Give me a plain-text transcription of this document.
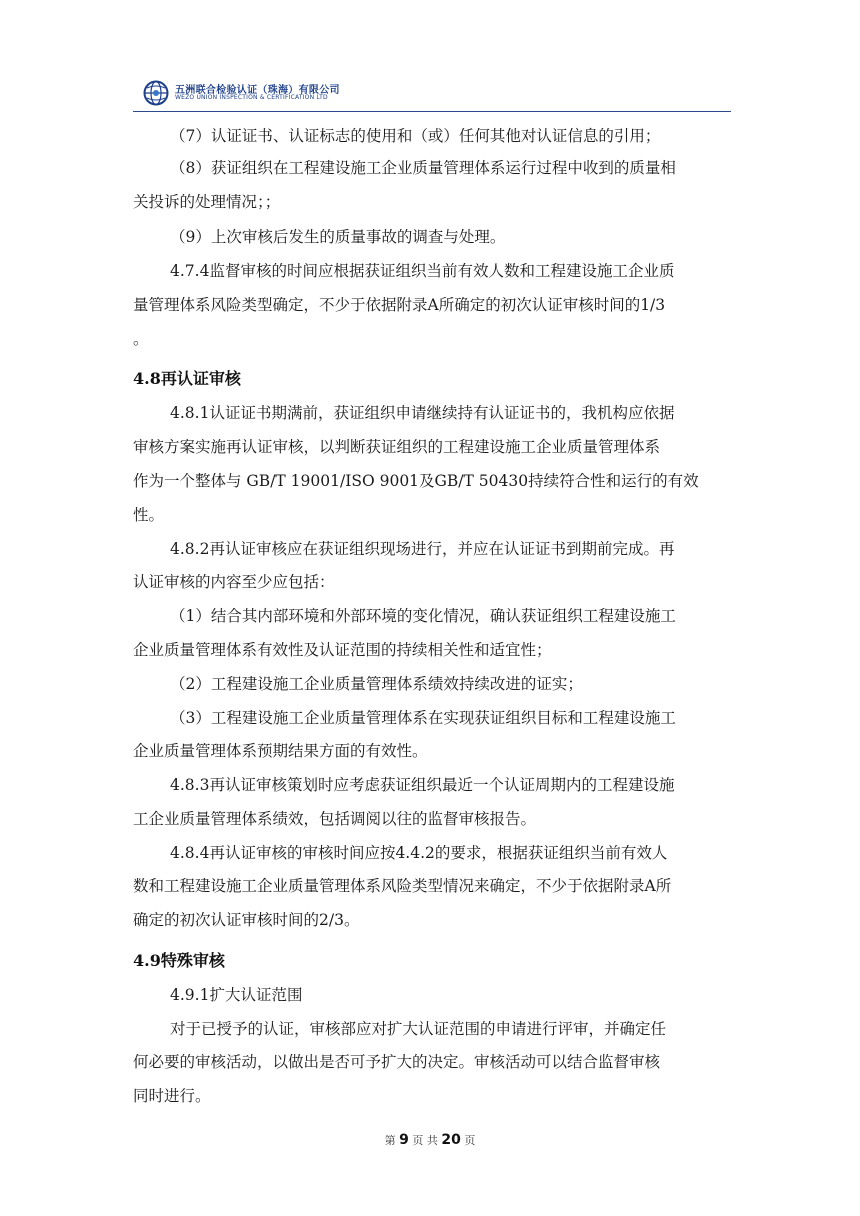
五洲联合检验认证（珠海）有限公司
WEZO UNION INSPECTION & CERTIFICATION LTD
（7）认证证书、认证标志的使用和（或）任何其他对认证信息的引用；
（8）获证组织在工程建设施工企业质量管理体系运行过程中收到的质量相
关投诉的处理情况；；
（9）上次审核后发生的质量事故的调查与处理。
4.7.4监督审核的时间应根据获证组织当前有效人数和工程建设施工企业质
量管理体系风险类型确定，不少于依据附录A所确定的初次认证审核时间的1/3
。
4.8再认证审核
4.8.1认证证书期满前，获证组织申请继续持有认证证书的，我机构应依据
审核方案实施再认证审核，以判断获证组织的工程建设施工企业质量管理体系
作为一个整体与 GB/T 19001/ISO 9001及GB/T 50430持续符合性和运行的有效
性。
4.8.2再认证审核应在获证组织现场进行，并应在认证证书到期前完成。再
认证审核的内容至少应包括：
（1）结合其内部环境和外部环境的变化情况，确认获证组织工程建设施工
企业质量管理体系有效性及认证范围的持续相关性和适宜性；
（2）工程建设施工企业质量管理体系绩效持续改进的证实；
（3）工程建设施工企业质量管理体系在实现获证组织目标和工程建设施工
企业质量管理体系预期结果方面的有效性。
4.8.3再认证审核策划时应考虑获证组织最近一个认证周期内的工程建设施
工企业质量管理体系绩效，包括调阅以往的监督审核报告。
4.8.4再认证审核的审核时间应按4.4.2的要求，根据获证组织当前有效人
数和工程建设施工企业质量管理体系风险类型情况来确定，不少于依据附录A所
确定的初次认证审核时间的2/3。
4.9特殊审核
4.9.1扩大认证范围
对于已授予的认证，审核部应对扩大认证范围的申请进行评审，并确定任
何必要的审核活动，以做出是否可予扩大的决定。审核活动可以结合监督审核
同时进行。
第 9 页 共 20 页
